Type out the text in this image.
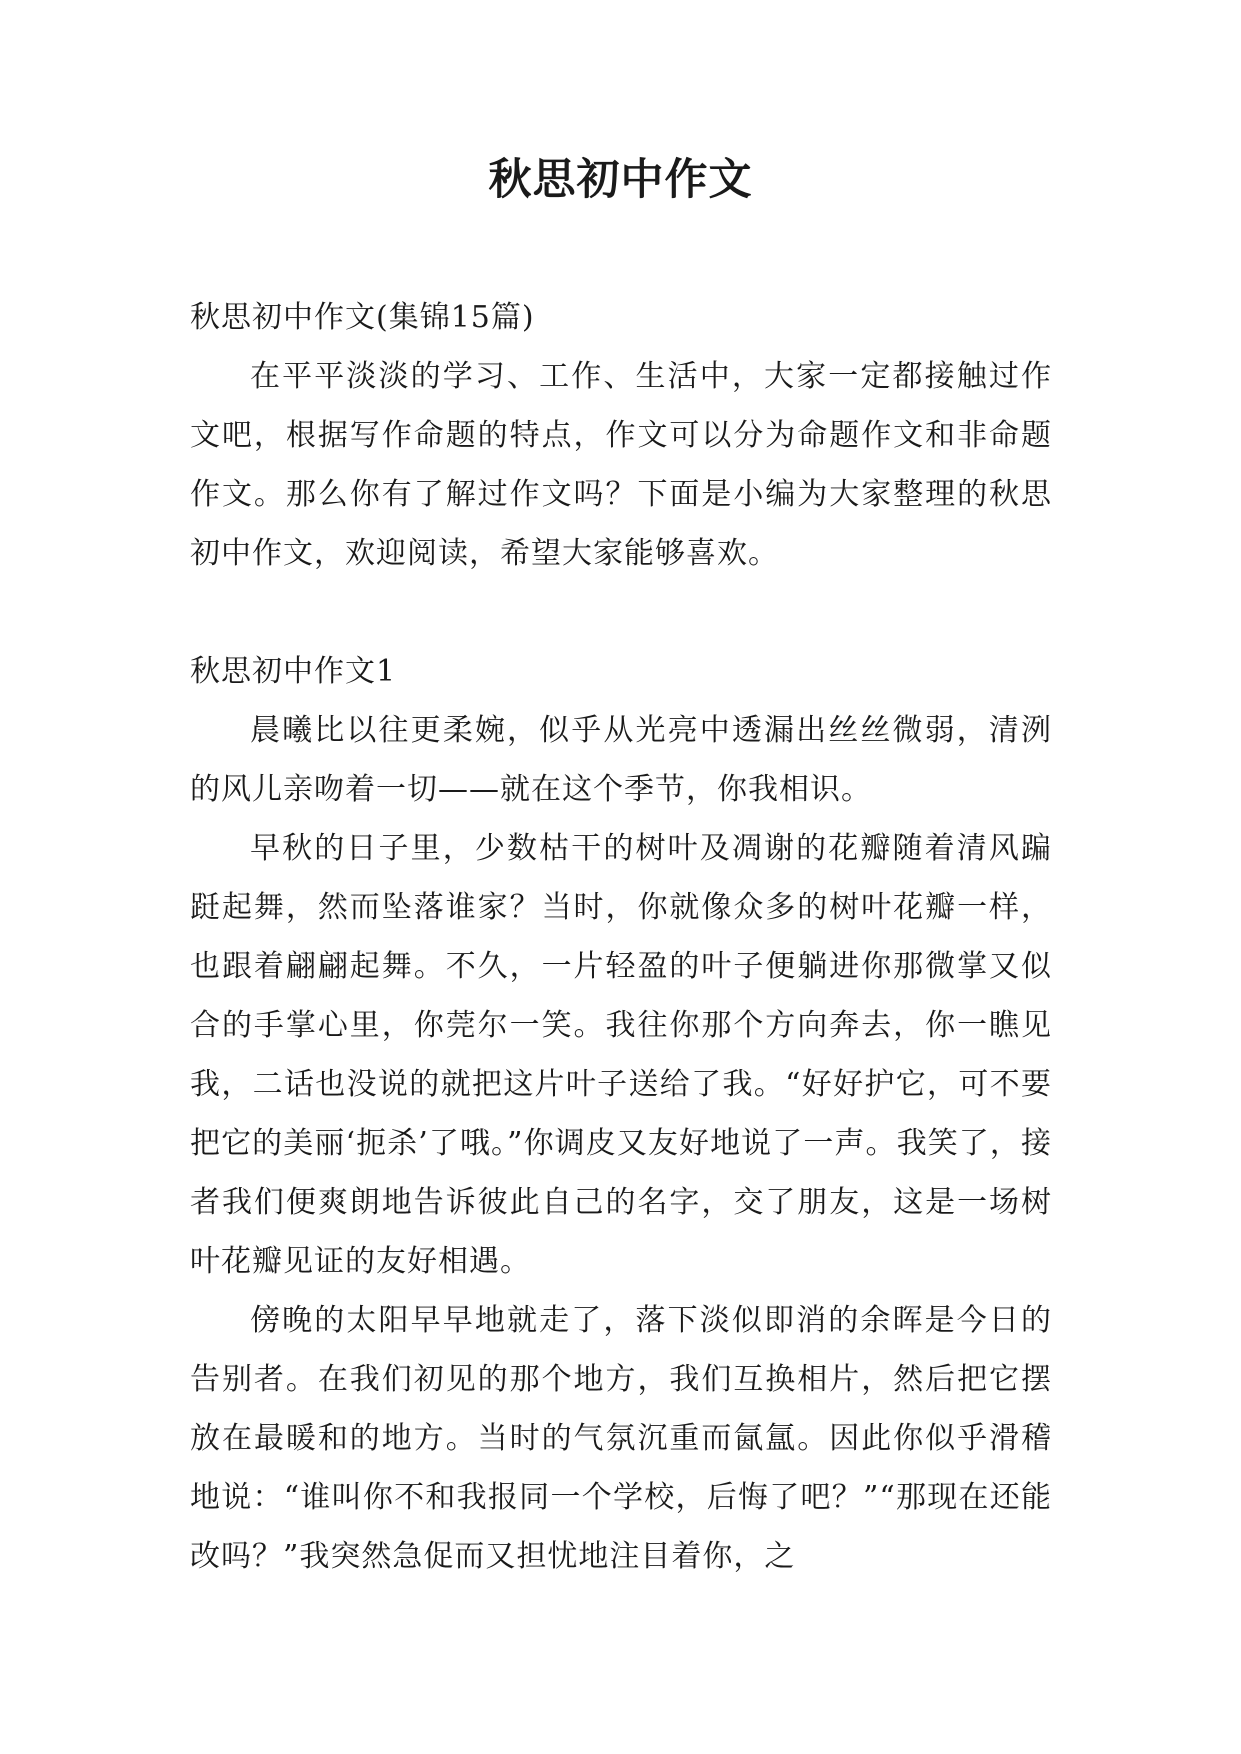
秋思初中作文

秋思初中作文(集锦15篇)

在平平淡淡的学习、工作、生活中，大家一定都接触过作文吧，根据写作命题的特点，作文可以分为命题作文和非命题作文。那么你有了解过作文吗？下面是小编为大家整理的秋思初中作文，欢迎阅读，希望大家能够喜欢。

秋思初中作文1

晨曦比以往更柔婉，似乎从光亮中透漏出丝丝微弱，清洌的风儿亲吻着一切——就在这个季节，你我相识。

早秋的日子里，少数枯干的树叶及凋谢的花瓣随着清风蹁跹起舞，然而坠落谁家？当时，你就像众多的树叶花瓣一样，也跟着翩翩起舞。不久，一片轻盈的叶子便躺进你那微掌又似合的手掌心里，你莞尔一笑。我往你那个方向奔去，你一瞧见我，二话也没说的就把这片叶子送给了我。“好好护它，可不要把它的美丽‘扼杀’了哦。”你调皮又友好地说了一声。我笑了，接者我们便爽朗地告诉彼此自己的名字，交了朋友，这是一场树叶花瓣见证的友好相遇。

傍晚的太阳早早地就走了，落下淡似即消的余晖是今日的告别者。在我们初见的那个地方，我们互换相片，然后把它摆放在最暖和的地方。当时的气氛沉重而氤氲。因此你似乎滑稽地说：“谁叫你不和我报同一个学校，后悔了吧？”“那现在还能改吗？”我突然急促而又担忧地注目着你，之
